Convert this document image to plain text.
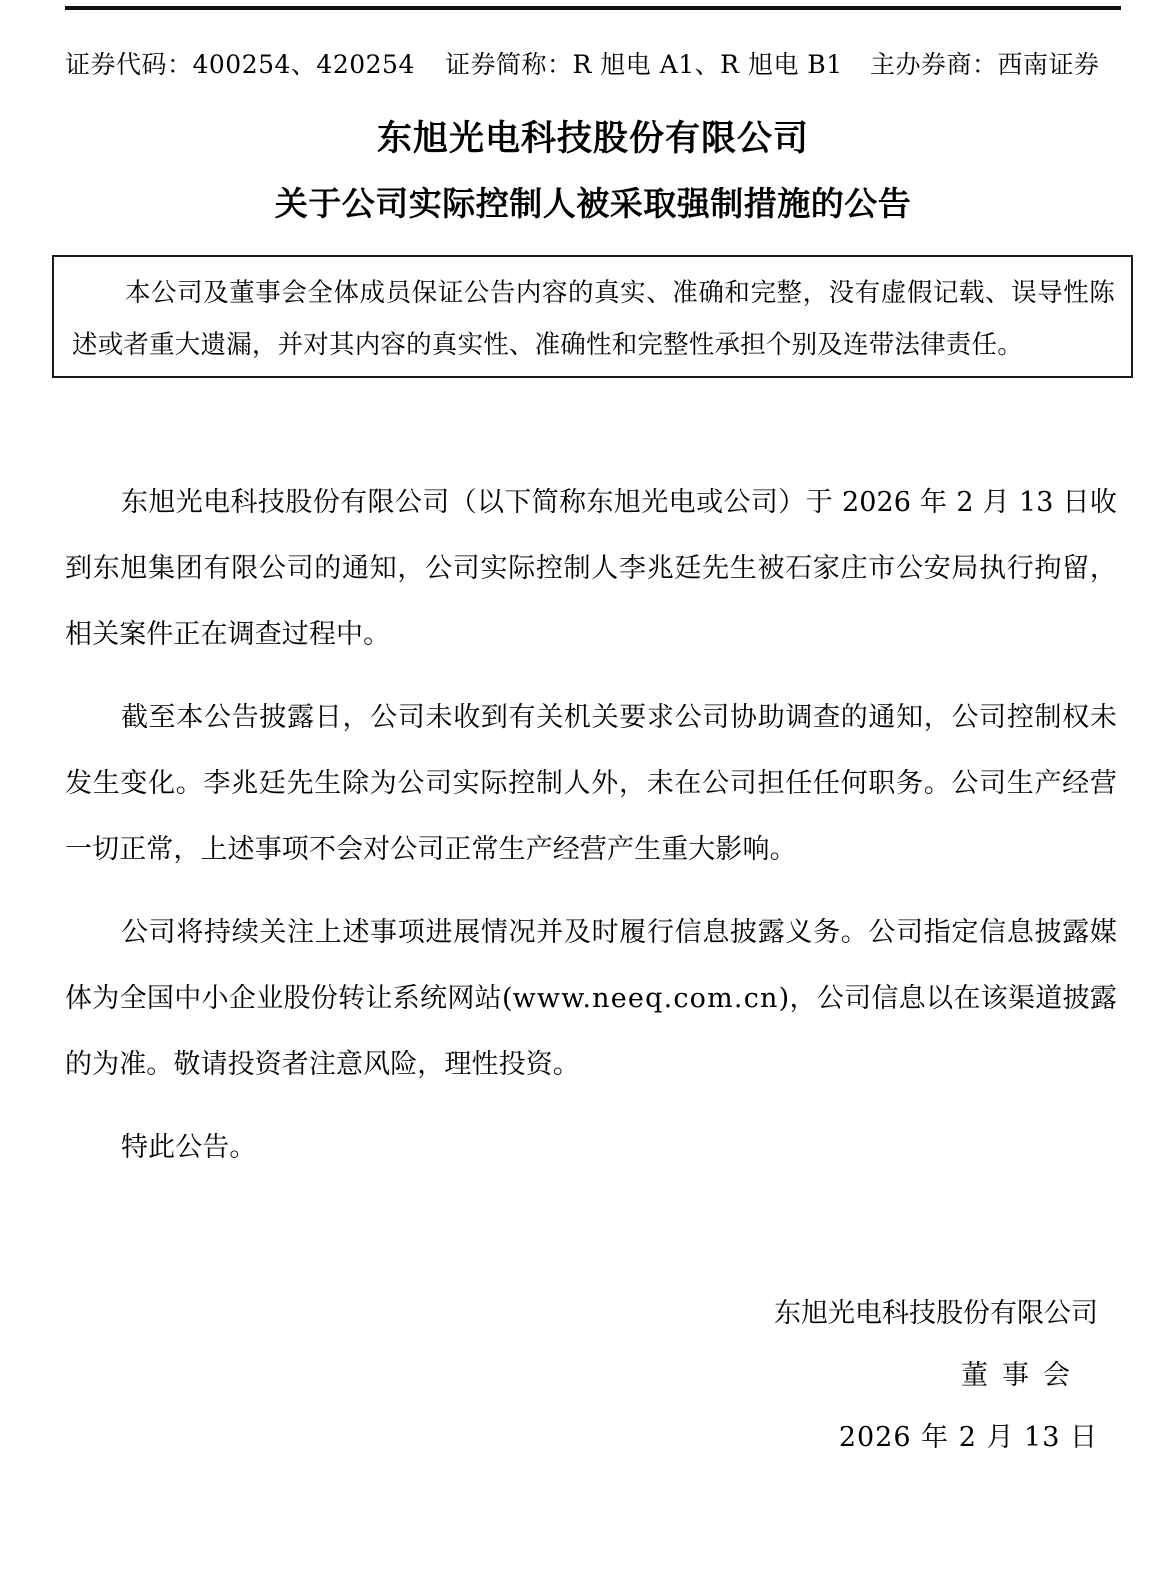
证券代码：400254、420254 证券简称：R 旭电 A1、R 旭电 B1 主办券商：西南证券
东旭光电科技股份有限公司
关于公司实际控制人被采取强制措施的公告
本公司及董事会全体成员保证公告内容的真实、准确和完整，没有虚假记载、误导性陈述或者重大遗漏，并对其内容的真实性、准确性和完整性承担个别及连带法律责任。

东旭光电科技股份有限公司（以下简称东旭光电或公司）于 2026 年 2 月 13 日收到东旭集团有限公司的通知，公司实际控制人李兆廷先生被石家庄市公安局执行拘留，相关案件正在调查过程中。

截至本公告披露日，公司未收到有关机关要求公司协助调查的通知，公司控制权未发生变化。李兆廷先生除为公司实际控制人外，未在公司担任任何职务。公司生产经营一切正常，上述事项不会对公司正常生产经营产生重大影响。

公司将持续关注上述事项进展情况并及时履行信息披露义务。公司指定信息披露媒体为全国中小企业股份转让系统网站(www.neeq.com.cn)，公司信息以在该渠道披露的为准。敬请投资者注意风险，理性投资。

特此公告。

东旭光电科技股份有限公司
董事会
2026 年 2 月 13 日
